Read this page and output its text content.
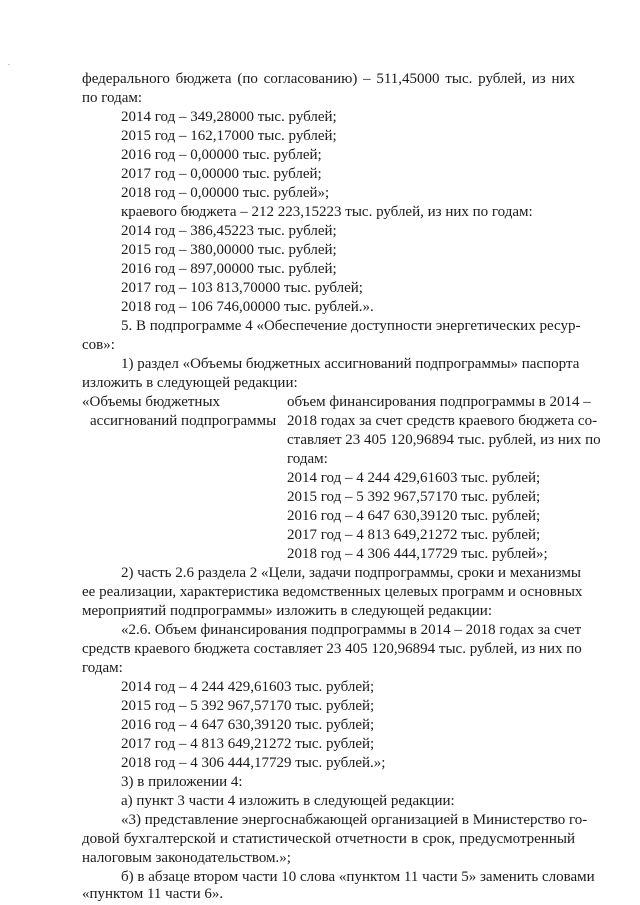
.
федерального бюджета (по согласованию) – 511,45000 тыс. рублей, из них
по годам:
2014 год – 349,28000 тыс. рублей;
2015 год – 162,17000 тыс. рублей;
2016 год – 0,00000 тыс. рублей;
2017 год – 0,00000 тыс. рублей;
2018 год – 0,00000 тыс. рублей»;
краевого бюджета – 212 223,15223 тыс. рублей, из них по годам:
2014 год – 386,45223 тыс. рублей;
2015 год – 380,00000 тыс. рублей;
2016 год – 897,00000 тыс. рублей;
2017 год – 103 813,70000 тыс. рублей;
2018 год – 106 746,00000 тыс. рублей.».
5. В подпрограмме 4 «Обеспечение доступности энергетических ресур-
сов»:
1) раздел «Объемы бюджетных ассигнований подпрограммы» паспорта
изложить в следующей редакции:
«Объемы бюджетных	объем финансирования подпрограммы в 2014 –
ассигнований подпрограммы 2018 годах за счет средств краевого бюджета со-
ставляет 23 405 120,96894 тыс. рублей, из них по
годам:
2014 год – 4 244 429,61603 тыс. рублей;
2015 год – 5 392 967,57170 тыс. рублей;
2016 год – 4 647 630,39120 тыс. рублей;
2017 год – 4 813 649,21272 тыс. рублей;
2018 год – 4 306 444,17729 тыс. рублей»;
2) часть 2.6 раздела 2 «Цели, задачи подпрограммы, сроки и механизмы
ее реализации, характеристика ведомственных целевых программ и основных
мероприятий подпрограммы» изложить в следующей редакции:
«2.6. Объем финансирования подпрограммы в 2014 – 2018 годах за счет
средств краевого бюджета составляет 23 405 120,96894 тыс. рублей, из них по
годам:
2014 год – 4 244 429,61603 тыс. рублей;
2015 год – 5 392 967,57170 тыс. рублей;
2016 год – 4 647 630,39120 тыс. рублей;
2017 год – 4 813 649,21272 тыс. рублей;
2018 год – 4 306 444,17729 тыс. рублей.»;
3) в приложении 4:
а) пункт 3 части 4 изложить в следующей редакции:
«3) представление энергоснабжающей организацией в Министерство го-
довой бухгалтерской и статистической отчетности в срок, предусмотренный
налоговым законодательством.»;
б) в абзаце втором части 10 слова «пунктом 11 части 5» заменить словами
«пунктом 11 части 6».
